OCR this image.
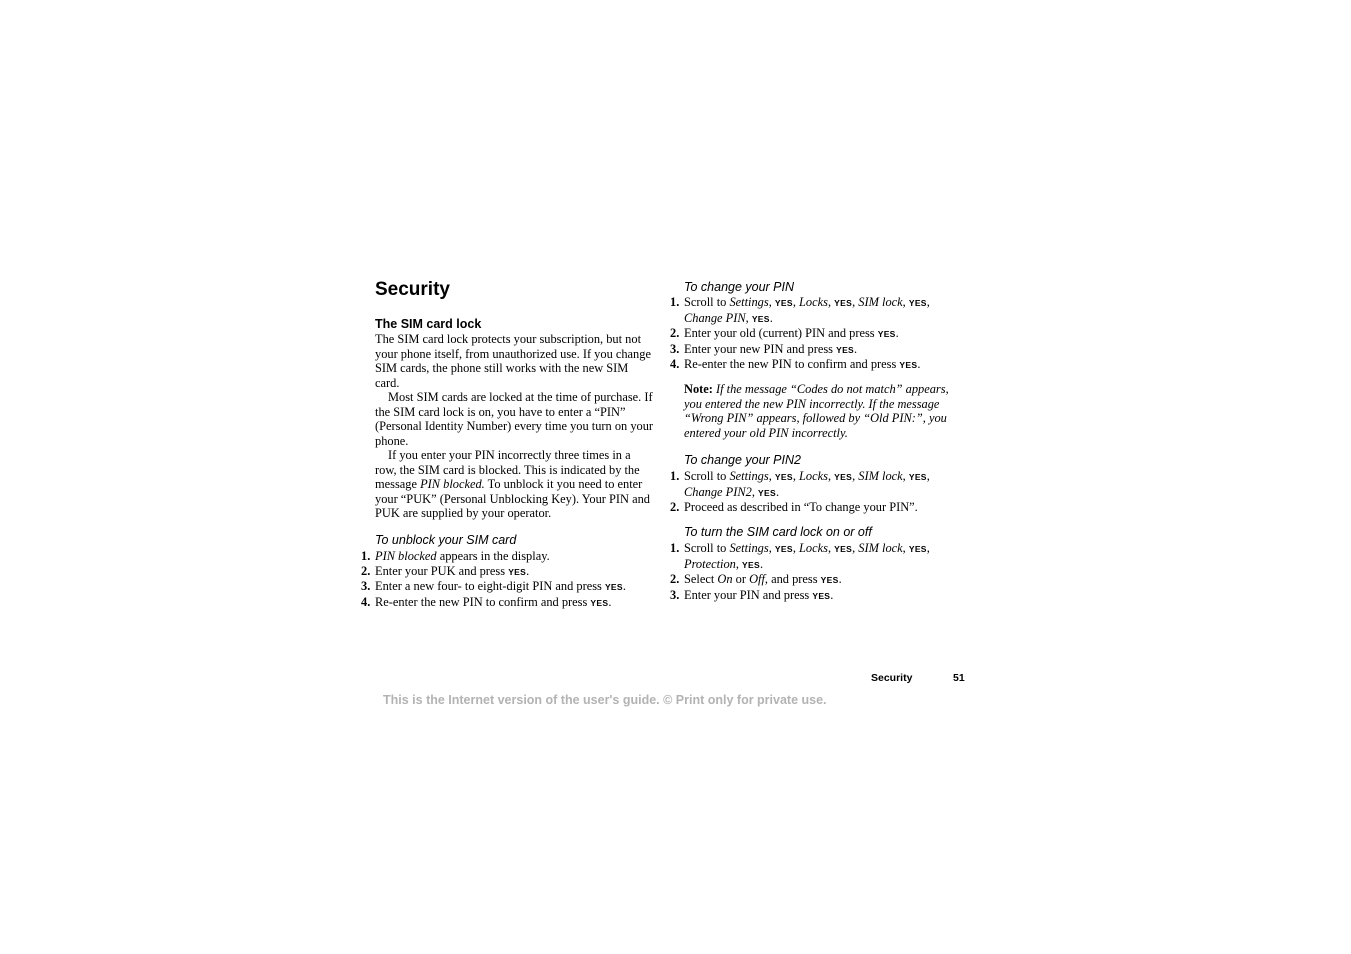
Security
The SIM card lock

The SIM card lock protects your subscription, but not your phone itself, from unauthorized use. If you change SIM cards, the phone still works with the new SIM card.

Most SIM cards are locked at the time of purchase. If the SIM card lock is on, you have to enter a “PIN” (Personal Identity Number) every time you turn on your phone.

If you enter your PIN incorrectly three times in a row, the SIM card is blocked. This is indicated by the message PIN blocked. To unblock it you need to enter your “PUK” (Personal Unblocking Key). Your PIN and PUK are supplied by your operator.

To unblock your SIM card
1. PIN blocked appears in the display.
2. Enter your PUK and press YES.
3. Enter a new four- to eight-digit PIN and press YES.
4. Re-enter the new PIN to confirm and press YES.
To change your PIN
1. Scroll to Settings, YES, Locks, YES, SIM lock, YES,
Change PIN, YES.
2. Enter your old (current) PIN and press YES.
3. Enter your new PIN and press YES.
4. Re-enter the new PIN to confirm and press YES.

Note: If the message “Codes do not match” appears, you entered the new PIN incorrectly. If the message “Wrong PIN” appears, followed by “Old PIN:”, you entered your old PIN incorrectly.

To change your PIN2
1. Scroll to Settings, YES, Locks, YES, SIM lock, YES,
Change PIN2, YES.
2. Proceed as described in “To change your PIN”.
To turn the SIM card lock on or off
1. Scroll to Settings, YES, Locks, YES, SIM lock, YES,
Protection, YES.
2. Select On or Off, and press YES.
3. Enter your PIN and press YES.
Security	51
This is the Internet version of the user's guide. © Print only for private use.
